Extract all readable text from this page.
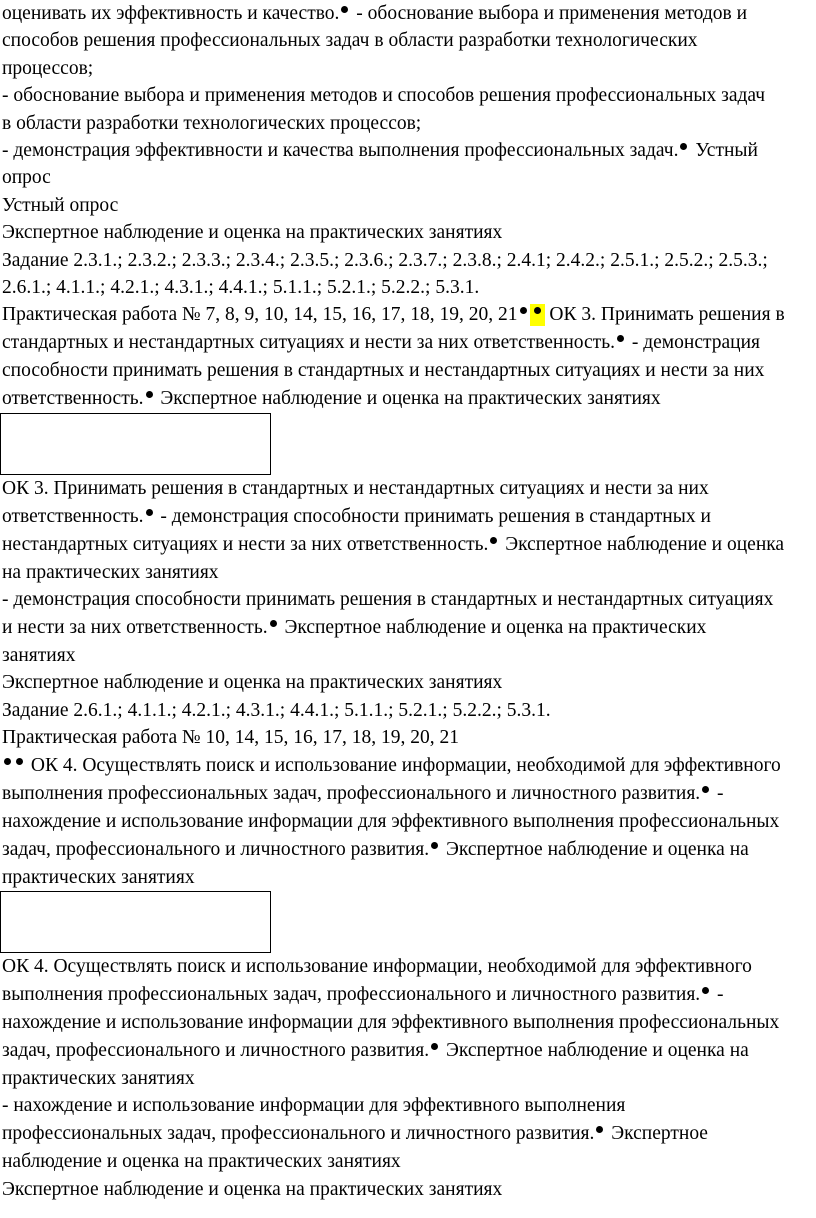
оценивать их эффективность и качество. - обоснование выбора и применения методов и
способов решения профессиональных задач в области разработки технологических
процессов;
- обоснование выбора и применения методов и способов решения профессиональных задач
в области разработки технологических процессов;
- демонстрация эффективности и качества выполнения профессиональных задач. Устный
опрос
Устный опрос
Экспертное наблюдение и оценка на практических занятиях
Задание 2.3.1.; 2.3.2.; 2.3.3.; 2.3.4.; 2.3.5.; 2.3.6.; 2.3.7.; 2.3.8.; 2.4.1; 2.4.2.; 2.5.1.; 2.5.2.; 2.5.3.;
2.6.1.; 4.1.1.; 4.2.1.; 4.3.1.; 4.4.1.; 5.1.1.; 5.2.1.; 5.2.2.; 5.3.1.
Практическая работа № 7, 8, 9, 10, 14, 15, 16, 17, 18, 19, 20, 21 ОК 3. Принимать решения в
стандартных и нестандартных ситуациях и нести за них ответственность. - демонстрация
способности принимать решения в стандартных и нестандартных ситуациях и нести за них
ответственность. Экспертное наблюдение и оценка на практических занятиях
ОК 3. Принимать решения в стандартных и нестандартных ситуациях и нести за них
ответственность. - демонстрация способности принимать решения в стандартных и
нестандартных ситуациях и нести за них ответственность. Экспертное наблюдение и оценка
на практических занятиях
- демонстрация способности принимать решения в стандартных и нестандартных ситуациях
и нести за них ответственность. Экспертное наблюдение и оценка на практических
занятиях
Экспертное наблюдение и оценка на практических занятиях
Задание 2.6.1.; 4.1.1.; 4.2.1.; 4.3.1.; 4.4.1.; 5.1.1.; 5.2.1.; 5.2.2.; 5.3.1.
Практическая работа № 10, 14, 15, 16, 17, 18, 19, 20, 21
ОК 4. Осуществлять поиск и использование информации, необходимой для эффективного
выполнения профессиональных задач, профессионального и личностного развития. -
нахождение и использование информации для эффективного выполнения профессиональных
задач, профессионального и личностного развития. Экспертное наблюдение и оценка на
практических занятиях
ОК 4. Осуществлять поиск и использование информации, необходимой для эффективного
выполнения профессиональных задач, профессионального и личностного развития. -
нахождение и использование информации для эффективного выполнения профессиональных
задач, профессионального и личностного развития. Экспертное наблюдение и оценка на
практических занятиях
- нахождение и использование информации для эффективного выполнения
профессиональных задач, профессионального и личностного развития. Экспертное
наблюдение и оценка на практических занятиях
Экспертное наблюдение и оценка на практических занятиях
